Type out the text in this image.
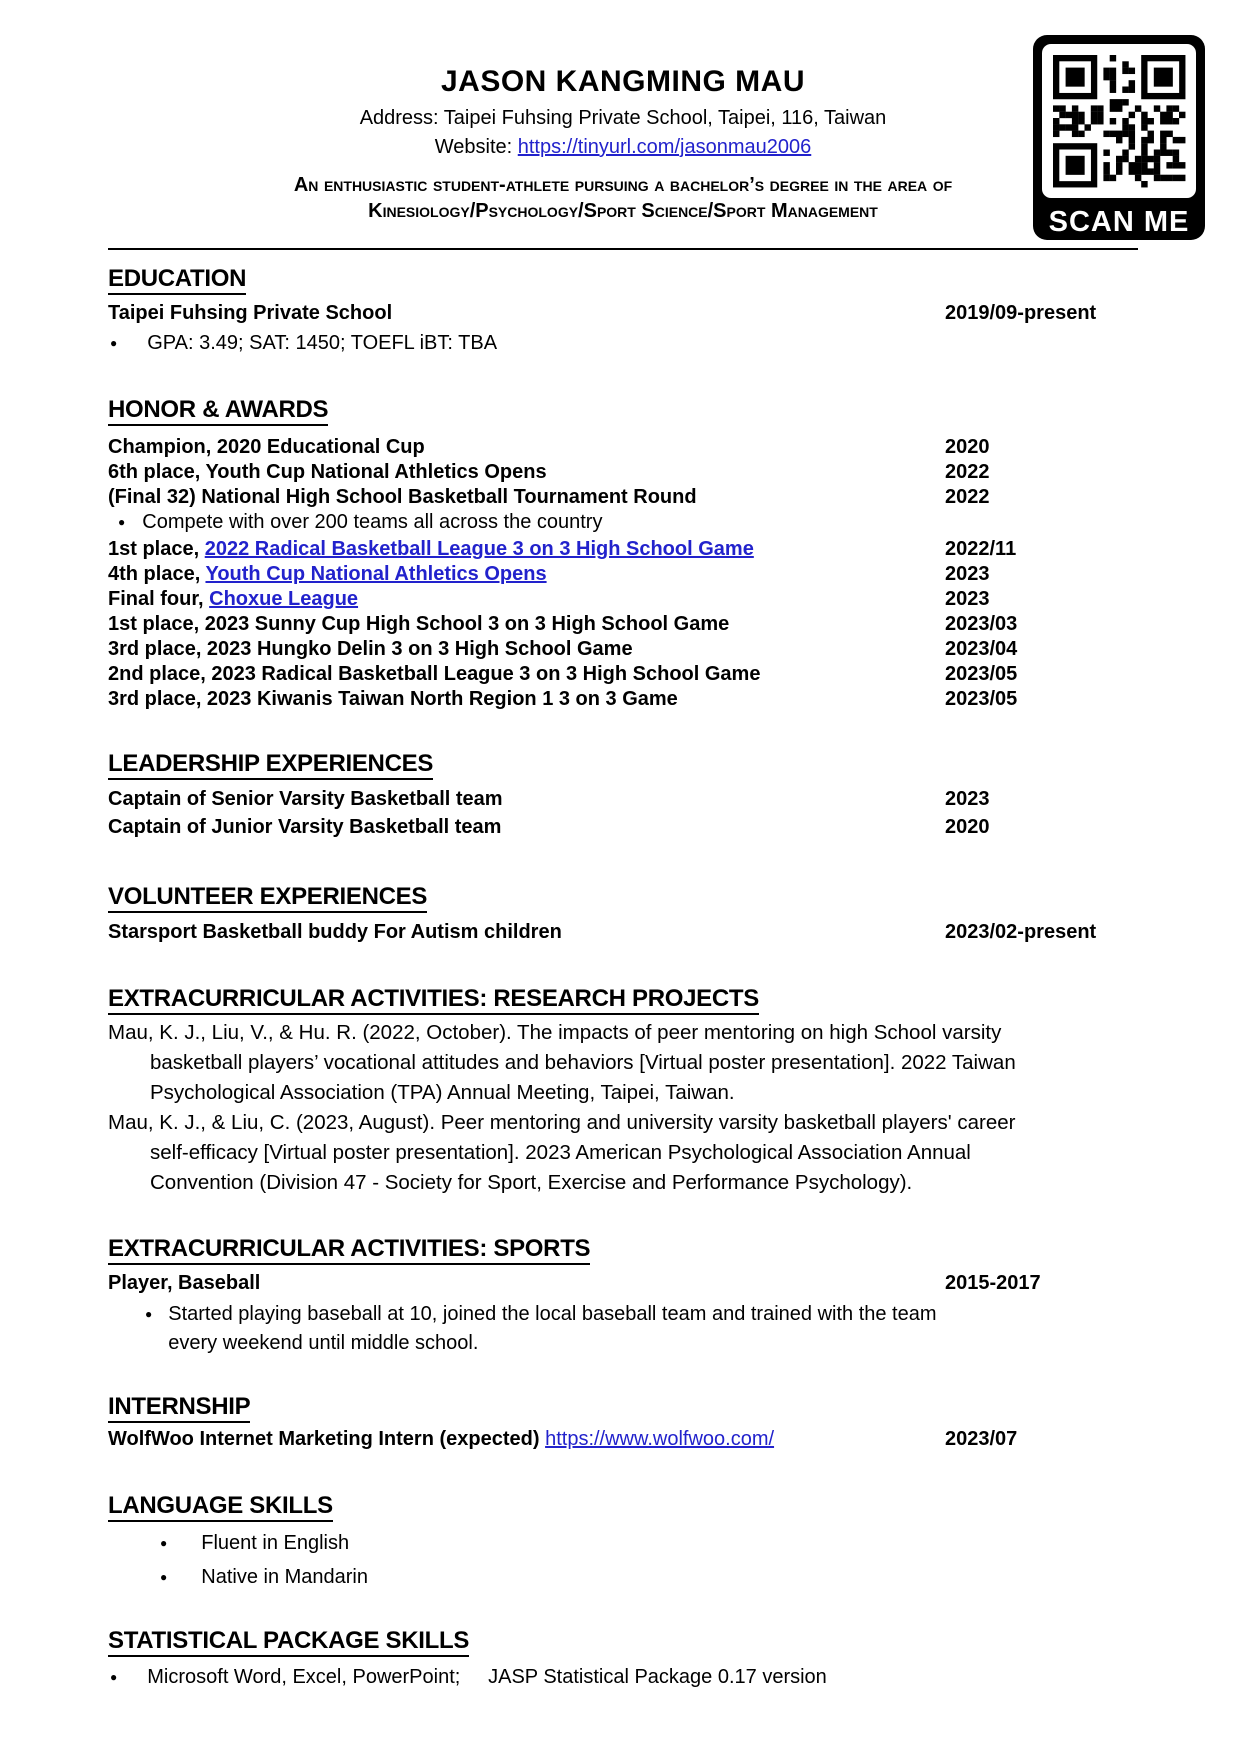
SCAN ME
JASON KANGMING MAU
Address: Taipei Fuhsing Private School, Taipei, 116, Taiwan
Website: https://tinyurl.com/jasonmau2006
An enthusiastic student-athlete pursuing a bachelor’s degree in the area of
Kinesiology/Psychology/Sport Science/Sport Management
EDUCATION
Taipei Fuhsing Private School	2019/09-present
● GPA: 3.49; SAT: 1450; TOEFL iBT: TBA
HONOR & AWARDS
Champion, 2020 Educational Cup	2020
6th place, Youth Cup National Athletics Opens	2022
(Final 32) National High School Basketball Tournament Round	2022
● Compete with over 200 teams all across the country
1st place, 2022 Radical Basketball League 3 on 3 High School Game	2022/11
4th place, Youth Cup National Athletics Opens	2023
Final four, Choxue League	2023
1st place, 2023 Sunny Cup High School 3 on 3 High School Game	2023/03
3rd place, 2023 Hungko Delin 3 on 3 High School Game	2023/04
2nd place, 2023 Radical Basketball League 3 on 3 High School Game	2023/05
3rd place, 2023 Kiwanis Taiwan North Region 1 3 on 3 Game	2023/05
LEADERSHIP EXPERIENCES
Captain of Senior Varsity Basketball team	2023
Captain of Junior Varsity Basketball team	2020
VOLUNTEER EXPERIENCES
Starsport Basketball buddy For Autism children	2023/02-present
EXTRACURRICULAR ACTIVITIES: RESEARCH PROJECTS
Mau, K. J., Liu, V., & Hu. R. (2022, October). The impacts of peer mentoring on high School varsity basketball players’ vocational attitudes and behaviors [Virtual poster presentation]. 2022 Taiwan Psychological Association (TPA) Annual Meeting, Taipei, Taiwan.
Mau, K. J., & Liu, C. (2023, August). Peer mentoring and university varsity basketball players' career self-efficacy [Virtual poster presentation]. 2023 American Psychological Association Annual Convention (Division 47 - Society for Sport, Exercise and Performance Psychology).
EXTRACURRICULAR ACTIVITIES: SPORTS
Player, Baseball	2015-2017
● Started playing baseball at 10, joined the local baseball team and trained with the team every weekend until middle school.
INTERNSHIP
WolfWoo Internet Marketing Intern (expected) https://www.wolfwoo.com/	2023/07
LANGUAGE SKILLS
● Fluent in English
● Native in Mandarin
STATISTICAL PACKAGE SKILLS
● Microsoft Word, Excel, PowerPoint;     JASP Statistical Package 0.17 version
